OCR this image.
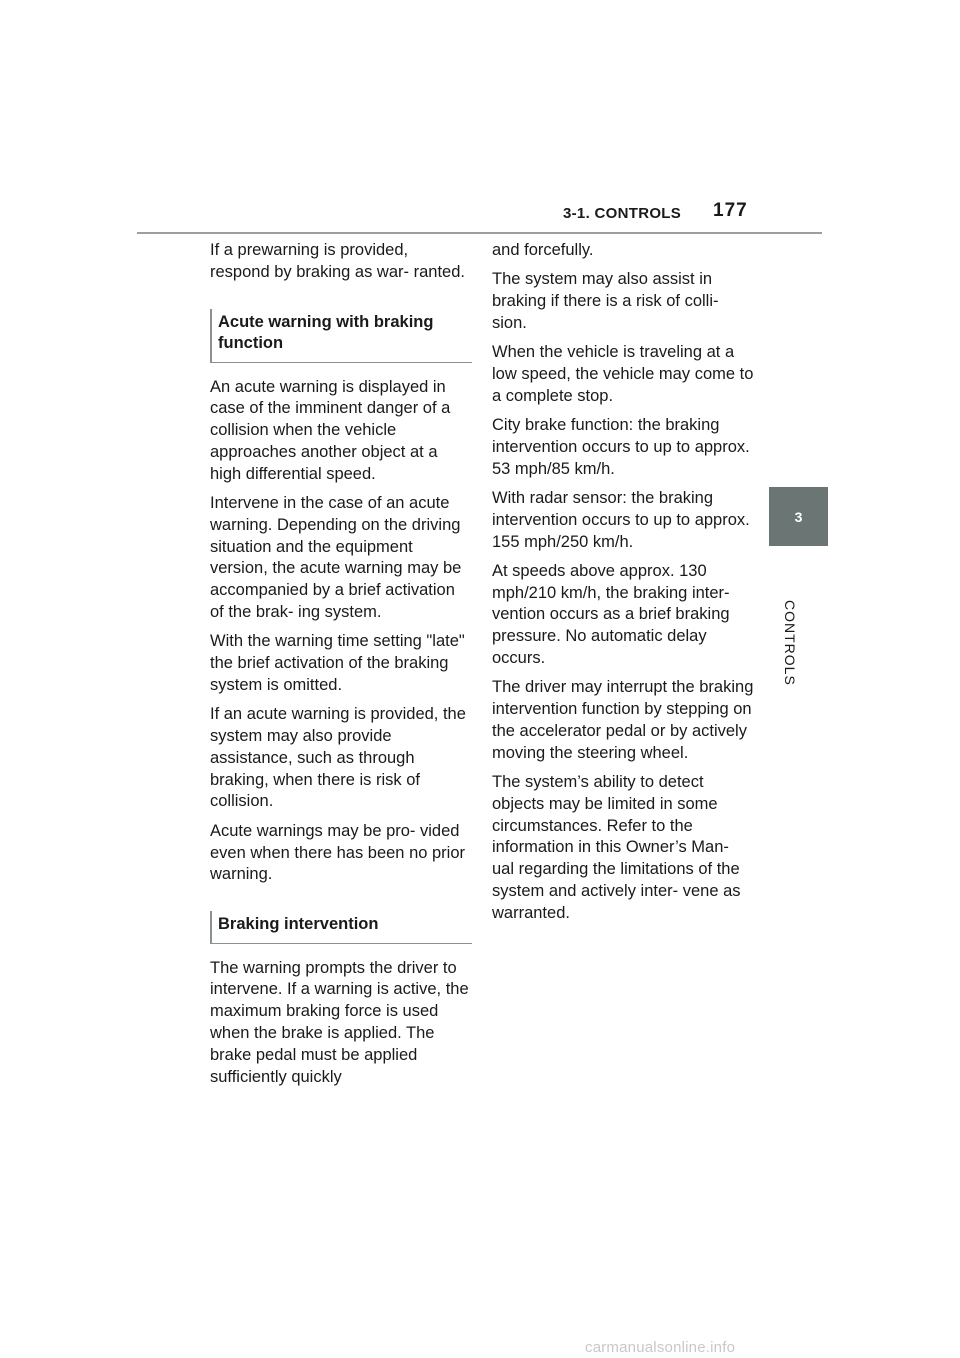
3-1. CONTROLS	177

If a prewarning is provided, respond by braking as war- ranted.

Acute warning with braking function

An acute warning is displayed in case of the imminent danger of a collision when the vehicle approaches another object at a high differential speed.

Intervene in the case of an acute warning. Depending on the driving situation and the equipment version, the acute warning may be accompanied by a brief activation of the brak- ing system.

With the warning time setting "late" the brief activation of the braking system is omitted.

If an acute warning is provided, the system may also provide assistance, such as through braking, when there is risk of collision.

Acute warnings may be pro- vided even when there has been no prior warning.

Braking intervention

The warning prompts the driver to intervene. If a warning is active, the maximum braking force is used when the brake is applied. The brake pedal must be applied sufficiently quickly

and forcefully.

The system may also assist in braking if there is a risk of colli- sion.

When the vehicle is traveling at a low speed, the vehicle may come to a complete stop.

City brake function: the braking intervention occurs to up to approx. 53 mph/85 km/h.

With radar sensor: the braking intervention occurs to up to approx. 155 mph/250 km/h.

At speeds above approx. 130 mph/210 km/h, the braking inter- vention occurs as a brief braking pressure. No automatic delay occurs.

The driver may interrupt the braking intervention function by stepping on the accelerator pedal or by actively moving the steering wheel.

The system’s ability to detect objects may be limited in some circumstances. Refer to the information in this Owner’s Man- ual regarding the limitations of the system and actively inter- vene as warranted.

3
CONTROLS
carmanualsonline.info
